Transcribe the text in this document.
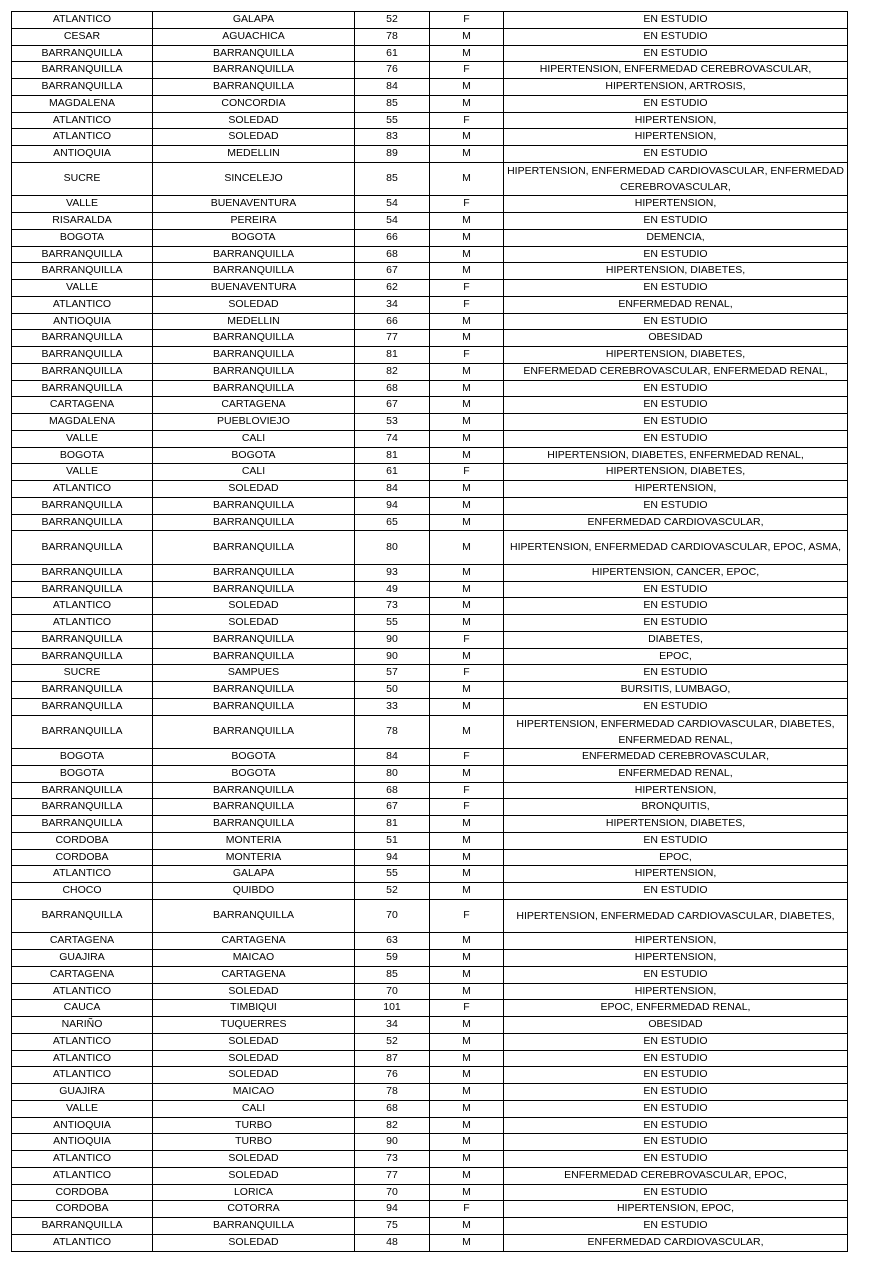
ATLANTICO	GALAPA	52	F	EN ESTUDIO
CESAR	AGUACHICA	78	M	EN ESTUDIO
BARRANQUILLA	BARRANQUILLA	61	M	EN ESTUDIO
BARRANQUILLA	BARRANQUILLA	76	F	HIPERTENSION, ENFERMEDAD CEREBROVASCULAR,
BARRANQUILLA	BARRANQUILLA	84	M	HIPERTENSION, ARTROSIS,
MAGDALENA	CONCORDIA	85	M	EN ESTUDIO
ATLANTICO	SOLEDAD	55	F	HIPERTENSION,
ATLANTICO	SOLEDAD	83	M	HIPERTENSION,
ANTIOQUIA	MEDELLIN	89	M	EN ESTUDIO
SUCRE	SINCELEJO	85	M	HIPERTENSION, ENFERMEDAD CARDIOVASCULAR, ENFERMEDAD CEREBROVASCULAR,
VALLE	BUENAVENTURA	54	F	HIPERTENSION,
RISARALDA	PEREIRA	54	M	EN ESTUDIO
BOGOTA	BOGOTA	66	M	DEMENCIA,
BARRANQUILLA	BARRANQUILLA	68	M	EN ESTUDIO
BARRANQUILLA	BARRANQUILLA	67	M	HIPERTENSION, DIABETES,
VALLE	BUENAVENTURA	62	F	EN ESTUDIO
ATLANTICO	SOLEDAD	34	F	ENFERMEDAD RENAL,
ANTIOQUIA	MEDELLIN	66	M	EN ESTUDIO
BARRANQUILLA	BARRANQUILLA	77	M	OBESIDAD
BARRANQUILLA	BARRANQUILLA	81	F	HIPERTENSION, DIABETES,
BARRANQUILLA	BARRANQUILLA	82	M	ENFERMEDAD CEREBROVASCULAR, ENFERMEDAD RENAL,
BARRANQUILLA	BARRANQUILLA	68	M	EN ESTUDIO
CARTAGENA	CARTAGENA	67	M	EN ESTUDIO
MAGDALENA	PUEBLOVIEJO	53	M	EN ESTUDIO
VALLE	CALI	74	M	EN ESTUDIO
BOGOTA	BOGOTA	81	M	HIPERTENSION, DIABETES, ENFERMEDAD RENAL,
VALLE	CALI	61	F	HIPERTENSION, DIABETES,
ATLANTICO	SOLEDAD	84	M	HIPERTENSION,
BARRANQUILLA	BARRANQUILLA	94	M	EN ESTUDIO
BARRANQUILLA	BARRANQUILLA	65	M	ENFERMEDAD CARDIOVASCULAR,
BARRANQUILLA	BARRANQUILLA	80	M	HIPERTENSION, ENFERMEDAD CARDIOVASCULAR, EPOC, ASMA,
BARRANQUILLA	BARRANQUILLA	93	M	HIPERTENSION, CANCER, EPOC,
BARRANQUILLA	BARRANQUILLA	49	M	EN ESTUDIO
ATLANTICO	SOLEDAD	73	M	EN ESTUDIO
ATLANTICO	SOLEDAD	55	M	EN ESTUDIO
BARRANQUILLA	BARRANQUILLA	90	F	DIABETES,
BARRANQUILLA	BARRANQUILLA	90	M	EPOC,
SUCRE	SAMPUES	57	F	EN ESTUDIO
BARRANQUILLA	BARRANQUILLA	50	M	BURSITIS, LUMBAGO,
BARRANQUILLA	BARRANQUILLA	33	M	EN ESTUDIO
BARRANQUILLA	BARRANQUILLA	78	M	HIPERTENSION, ENFERMEDAD CARDIOVASCULAR, DIABETES, ENFERMEDAD RENAL,
BOGOTA	BOGOTA	84	F	ENFERMEDAD CEREBROVASCULAR,
BOGOTA	BOGOTA	80	M	ENFERMEDAD RENAL,
BARRANQUILLA	BARRANQUILLA	68	F	HIPERTENSION,
BARRANQUILLA	BARRANQUILLA	67	F	BRONQUITIS,
BARRANQUILLA	BARRANQUILLA	81	M	HIPERTENSION, DIABETES,
CORDOBA	MONTERIA	51	M	EN ESTUDIO
CORDOBA	MONTERIA	94	M	EPOC,
ATLANTICO	GALAPA	55	M	HIPERTENSION,
CHOCO	QUIBDO	52	M	EN ESTUDIO
BARRANQUILLA	BARRANQUILLA	70	F	HIPERTENSION, ENFERMEDAD CARDIOVASCULAR, DIABETES,
CARTAGENA	CARTAGENA	63	M	HIPERTENSION,
GUAJIRA	MAICAO	59	M	HIPERTENSION,
CARTAGENA	CARTAGENA	85	M	EN ESTUDIO
ATLANTICO	SOLEDAD	70	M	HIPERTENSION,
CAUCA	TIMBIQUI	101	F	EPOC, ENFERMEDAD RENAL,
NARIÑO	TUQUERRES	34	M	OBESIDAD
ATLANTICO	SOLEDAD	52	M	EN ESTUDIO
ATLANTICO	SOLEDAD	87	M	EN ESTUDIO
ATLANTICO	SOLEDAD	76	M	EN ESTUDIO
GUAJIRA	MAICAO	78	M	EN ESTUDIO
VALLE	CALI	68	M	EN ESTUDIO
ANTIOQUIA	TURBO	82	M	EN ESTUDIO
ANTIOQUIA	TURBO	90	M	EN ESTUDIO
ATLANTICO	SOLEDAD	73	M	EN ESTUDIO
ATLANTICO	SOLEDAD	77	M	ENFERMEDAD CEREBROVASCULAR, EPOC,
CORDOBA	LORICA	70	M	EN ESTUDIO
CORDOBA	COTORRA	94	F	HIPERTENSION, EPOC,
BARRANQUILLA	BARRANQUILLA	75	M	EN ESTUDIO
ATLANTICO	SOLEDAD	48	M	ENFERMEDAD CARDIOVASCULAR,
